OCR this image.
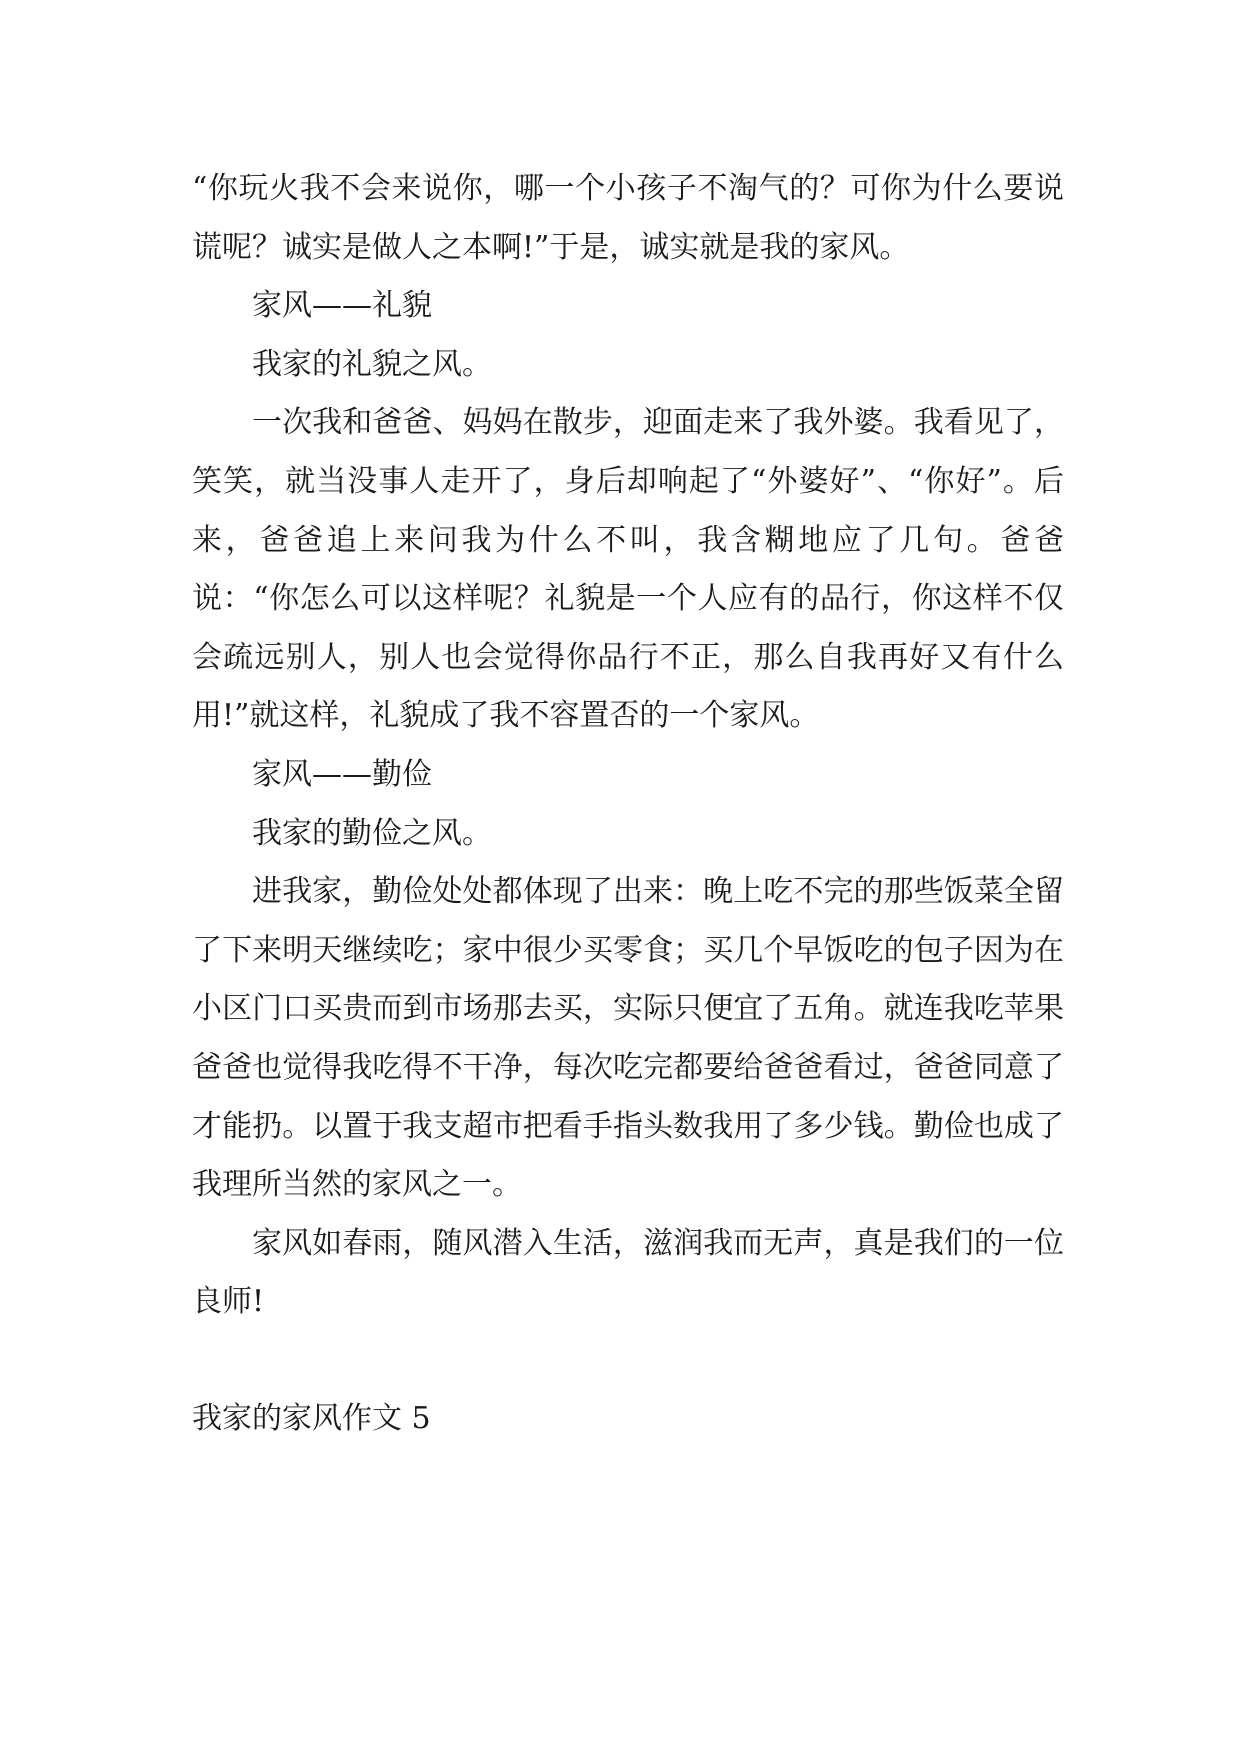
“你玩火我不会来说你，哪一个小孩子不淘气的？可你为什么要说谎呢？诚实是做人之本啊!”于是，诚实就是我的家风。

家风——礼貌

我家的礼貌之风。

一次我和爸爸、妈妈在散步，迎面走来了我外婆。我看见了，笑笑，就当没事人走开了，身后却响起了“外婆好”、“你好”。后来，爸爸追上来问我为什么不叫，我含糊地应了几句。爸爸说：“你怎么可以这样呢？礼貌是一个人应有的品行，你这样不仅会疏远别人，别人也会觉得你品行不正，那么自我再好又有什么用!”就这样，礼貌成了我不容置否的一个家风。

家风——勤俭

我家的勤俭之风。

进我家，勤俭处处都体现了出来：晚上吃不完的那些饭菜全留了下来明天继续吃；家中很少买零食；买几个早饭吃的包子因为在小区门口买贵而到市场那去买，实际只便宜了五角。就连我吃苹果爸爸也觉得我吃得不干净，每次吃完都要给爸爸看过，爸爸同意了才能扔。以置于我支超市把看手指头数我用了多少钱。勤俭也成了我理所当然的家风之一。

家风如春雨，随风潜入生活，滋润我而无声，真是我们的一位良师!

我家的家风作文 5
